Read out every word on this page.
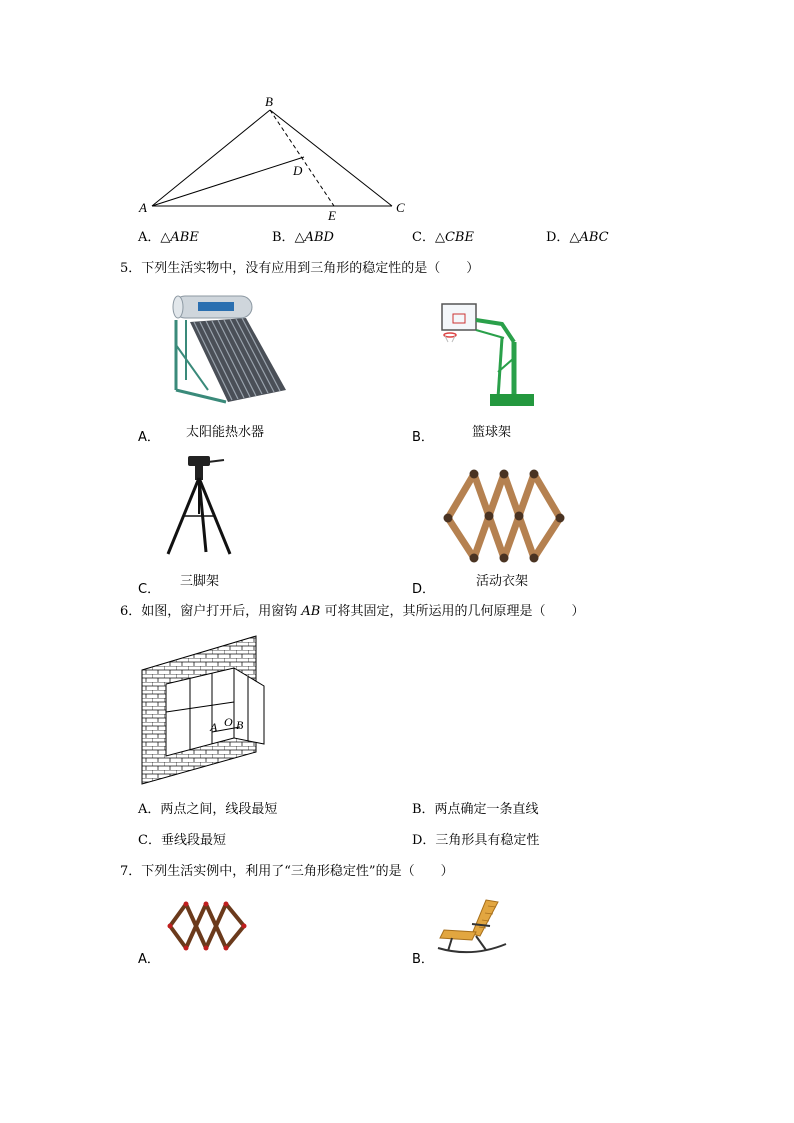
B
A	C
D
E
A．△ABE	B．△ABD	C．△CBE	D．△ABC
5．下列生活实物中，没有应用到三角形的稳定性的是（　　）
A． 太阳能热水器	B．	篮球架
C．
三脚架
D．
活动衣架
6．如图，窗户打开后，用窗钩 AB 可将其固定，其所运用的几何原理是（　　）
A O B
A．两点之间，线段最短	B．两点确定一条直线
C．垂线段最短	D．三角形具有稳定性
7．下列生活实例中，利用了“三角形稳定性”的是（　　）
A．	B．
